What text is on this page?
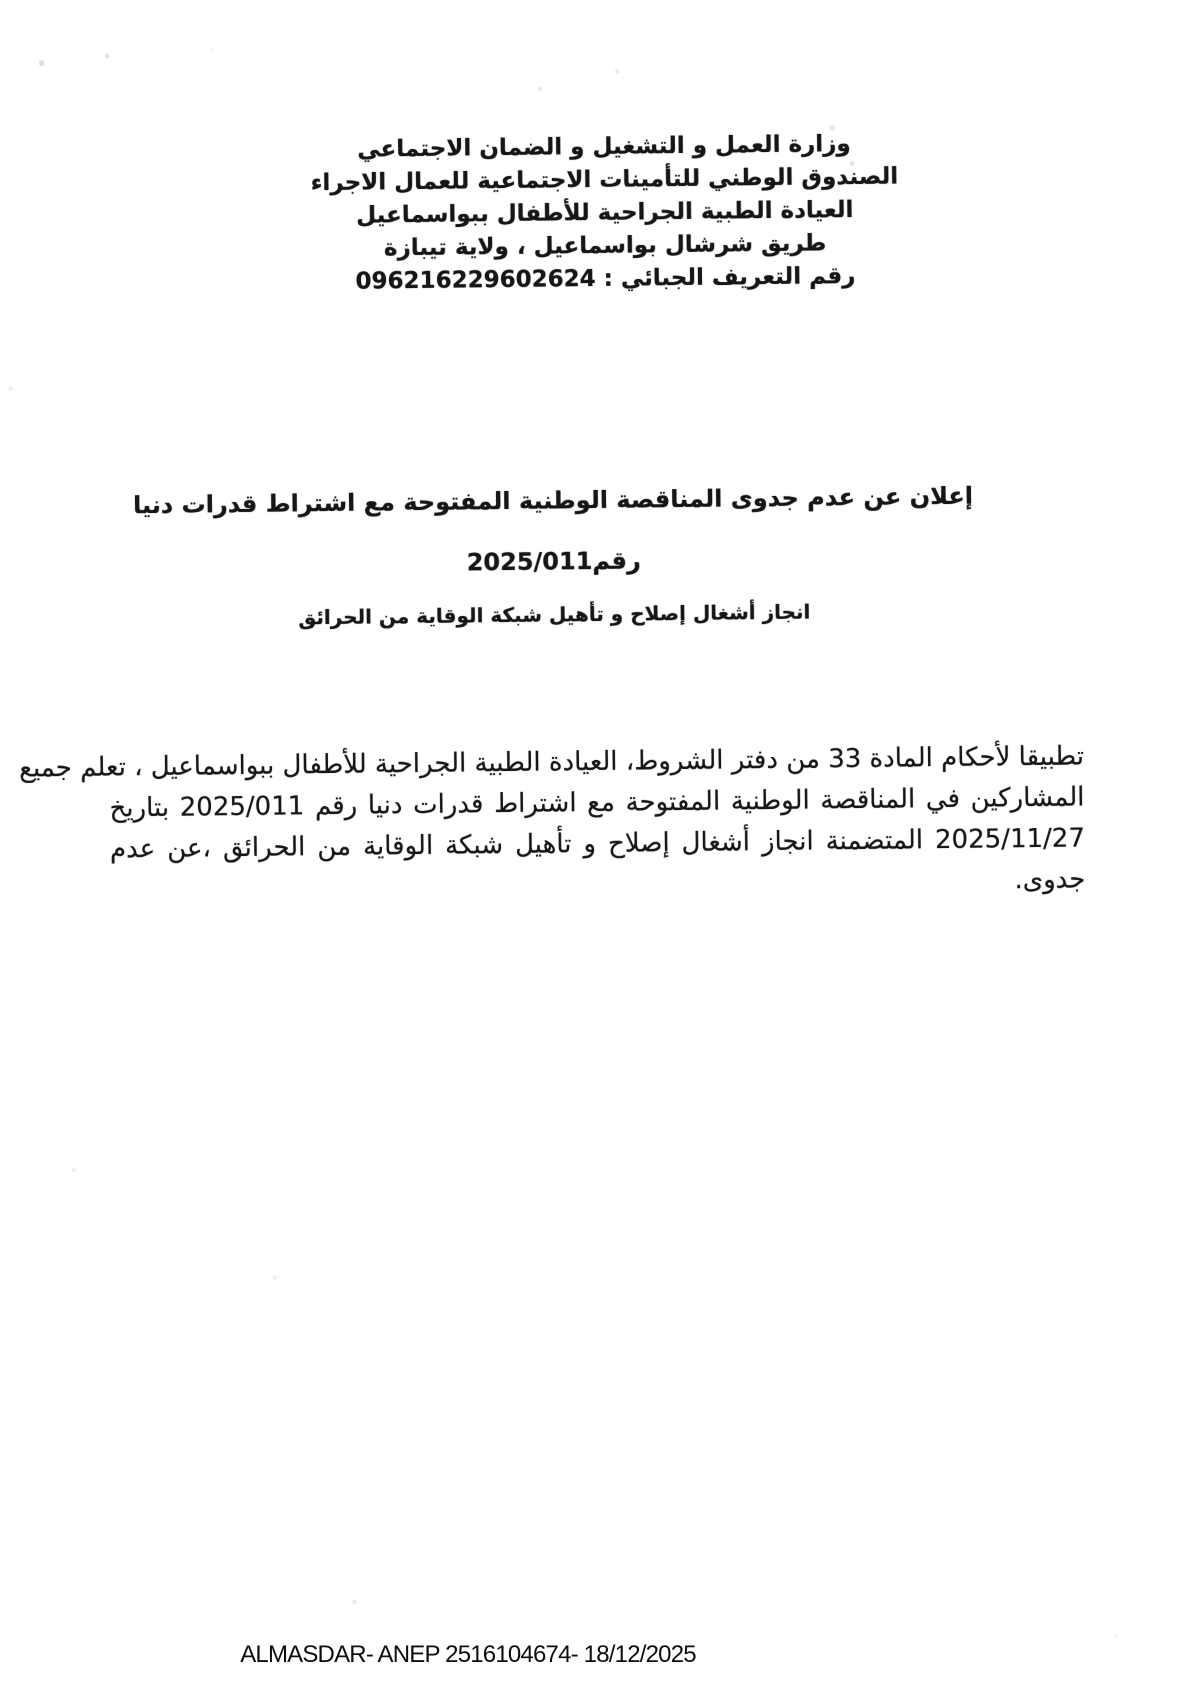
وزارة العمل و التشغيل و الضمان الاجتماعي
الصندوق الوطني للتأمينات الاجتماعية للعمال الاجراء
العيادة الطبية الجراحية للأطفال ببواسماعيل
طريق شرشال بواسماعيل ، ولاية تيبازة
رقم التعريف الجبائي : 096216229602624
إعلان عن عدم جدوى المناقصة الوطنية المفتوحة مع اشتراط قدرات دنيا
رقم2025/011
انجاز أشغال إصلاح و تأهيل شبكة الوقاية من الحرائق
تطبيقا لأحكام المادة 33 من دفتر الشروط، العيادة الطبية الجراحية للأطفال ببواسماعيل ، تعلم جميع
المشاركين في المناقصة الوطنية المفتوحة مع اشتراط قدرات دنيا رقم 2025/011 بتاريخ
2025/11/27 المتضمنة انجاز أشغال إصلاح و تأهيل شبكة الوقاية من الحرائق ،عن عدم جدوى.
ALMASDAR- ANEP 2516104674- 18/12/2025
